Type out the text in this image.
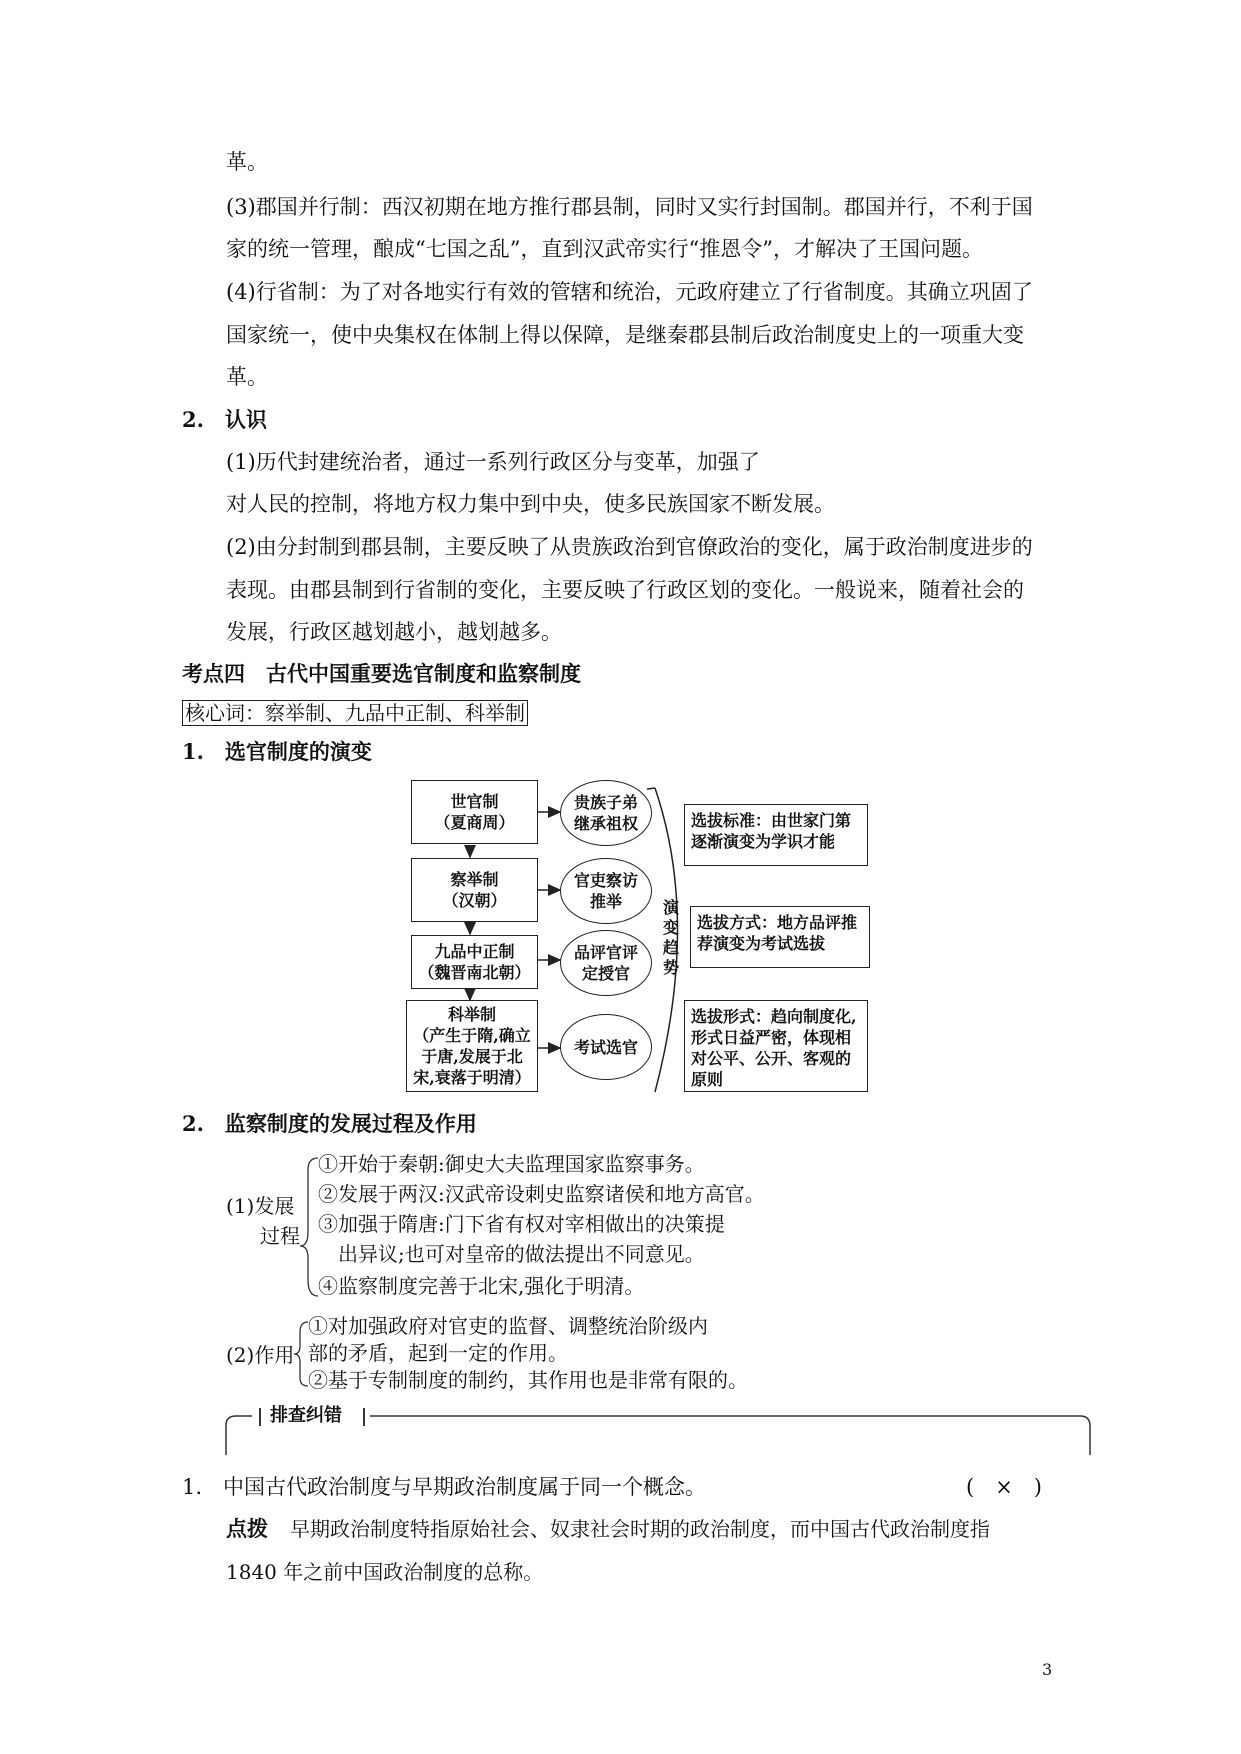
革。
(3)郡国并行制：西汉初期在地方推行郡县制，同时又实行封国制。郡国并行，不利于国
家的统一管理，酿成“七国之乱”，直到汉武帝实行“推恩令”，才解决了王国问题。
(4)行省制：为了对各地实行有效的管辖和统治，元政府建立了行省制度。其确立巩固了
国家统一，使中央集权在体制上得以保障，是继秦郡县制后政治制度史上的一项重大变
革。
2.　认识
(1)历代封建统治者，通过一系列行政区分与变革，加强了
对人民的控制，将地方权力集中到中央，使多民族国家不断发展。
(2)由分封制到郡县制，主要反映了从贵族政治到官僚政治的变化，属于政治制度进步的
表现。由郡县制到行省制的变化，主要反映了行政区划的变化。一般说来，随着社会的
发展，行政区越划越小，越划越多。
考点四　古代中国重要选官制度和监察制度
核心词：察举制、九品中正制、科举制
1.　选官制度的演变
世官制
（夏商周）
察举制
（汉朝）
九品中正制
（魏晋南北朝）
科举制
（产生于隋,确立
于唐,发展于北
宋,衰落于明清）
贵族子弟
继承祖权
官吏察访
推举
品评官评
定授官
考试选官
演变趋势
选拔标准：由世家门第逐渐演变为学识才能
选拔方式：地方品评推荐演变为考试选拔
选拔形式：趋向制度化,形式日益严密，体现相对公平、公开、客观的原则
2.　监察制度的发展过程及作用
(1)发展
过程
①开始于秦朝:御史大夫监理国家监察事务。
②发展于两汉:汉武帝设刺史监察诸侯和地方高官。
③加强于隋唐:门下省有权对宰相做出的决策提
出异议;也可对皇帝的做法提出不同意见。
④监察制度完善于北宋,强化于明清。
(2)作用
①对加强政府对官吏的监督、调整统治阶级内
部的矛盾，起到一定的作用。
②基于专制制度的制约，其作用也是非常有限的。
排查纠错
1.　中国古代政治制度与早期政治制度属于同一个概念。	(　×　)
点拨 早期政治制度特指原始社会、奴隶社会时期的政治制度，而中国古代政治制度指
1840 年之前中国政治制度的总称。
3
